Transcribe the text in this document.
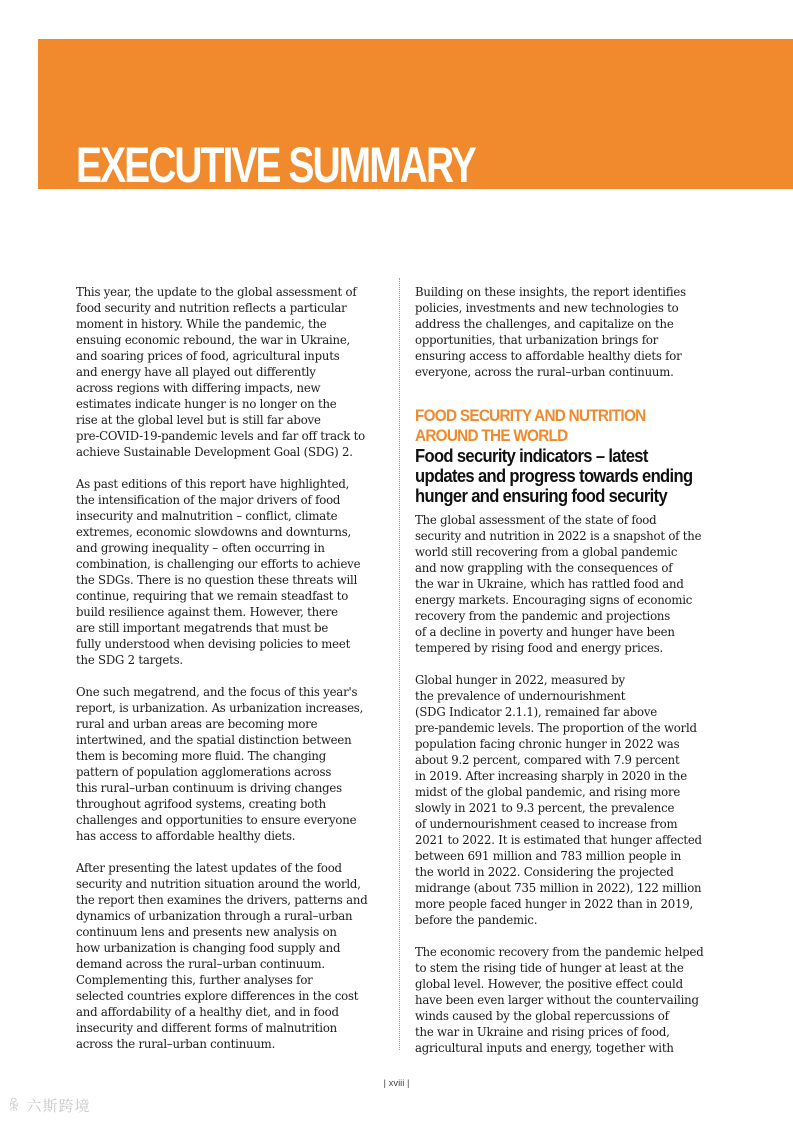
EXECUTIVE SUMMARY

This year, the update to the global assessment of
food security and nutrition reflects a particular
moment in history. While the pandemic, the
ensuing economic rebound, the war in Ukraine,
and soaring prices of food, agricultural inputs
and energy have all played out differently
across regions with differing impacts, new
estimates indicate hunger is no longer on the
rise at the global level but is still far above
pre-COVID-19-pandemic levels and far off track to
achieve Sustainable Development Goal (SDG) 2.

As past editions of this report have highlighted,
the intensification of the major drivers of food
insecurity and malnutrition – conflict, climate
extremes, economic slowdowns and downturns,
and growing inequality – often occurring in
combination, is challenging our efforts to achieve
the SDGs. There is no question these threats will
continue, requiring that we remain steadfast to
build resilience against them. However, there
are still important megatrends that must be
fully understood when devising policies to meet
the SDG 2 targets.

One such megatrend, and the focus of this year's
report, is urbanization. As urbanization increases,
rural and urban areas are becoming more
intertwined, and the spatial distinction between
them is becoming more fluid. The changing
pattern of population agglomerations across
this rural–urban continuum is driving changes
throughout agrifood systems, creating both
challenges and opportunities to ensure everyone
has access to affordable healthy diets.

After presenting the latest updates of the food
security and nutrition situation around the world,
the report then examines the drivers, patterns and
dynamics of urbanization through a rural–urban
continuum lens and presents new analysis on
how urbanization is changing food supply and
demand across the rural–urban continuum.
Complementing this, further analyses for
selected countries explore differences in the cost
and affordability of a healthy diet, and in food
insecurity and different forms of malnutrition
across the rural–urban continuum.

Building on these insights, the report identifies
policies, investments and new technologies to
address the challenges, and capitalize on the
opportunities, that urbanization brings for
ensuring access to affordable healthy diets for
everyone, across the rural–urban continuum.

FOOD SECURITY AND NUTRITION
AROUND THE WORLD
Food security indicators – latest
updates and progress towards ending
hunger and ensuring food security

The global assessment of the state of food
security and nutrition in 2022 is a snapshot of the
world still recovering from a global pandemic
and now grappling with the consequences of
the war in Ukraine, which has rattled food and
energy markets. Encouraging signs of economic
recovery from the pandemic and projections
of a decline in poverty and hunger have been
tempered by rising food and energy prices.

Global hunger in 2022, measured by
the prevalence of undernourishment
(SDG Indicator 2.1.1), remained far above
pre-pandemic levels. The proportion of the world
population facing chronic hunger in 2022 was
about 9.2 percent, compared with 7.9 percent
in 2019. After increasing sharply in 2020 in the
midst of the global pandemic, and rising more
slowly in 2021 to 9.3 percent, the prevalence
of undernourishment ceased to increase from
2021 to 2022. It is estimated that hunger affected
between 691 million and 783 million people in
the world in 2022. Considering the projected
midrange (about 735 million in 2022), 122 million
more people faced hunger in 2022 than in 2019,
before the pandemic.

The economic recovery from the pandemic helped
to stem the rising tide of hunger at least at the
global level. However, the positive effect could
have been even larger without the countervailing
winds caused by the global repercussions of
the war in Ukraine and rising prices of food,
agricultural inputs and energy, together with

| xviii |
ꆜ 六斯跨境
